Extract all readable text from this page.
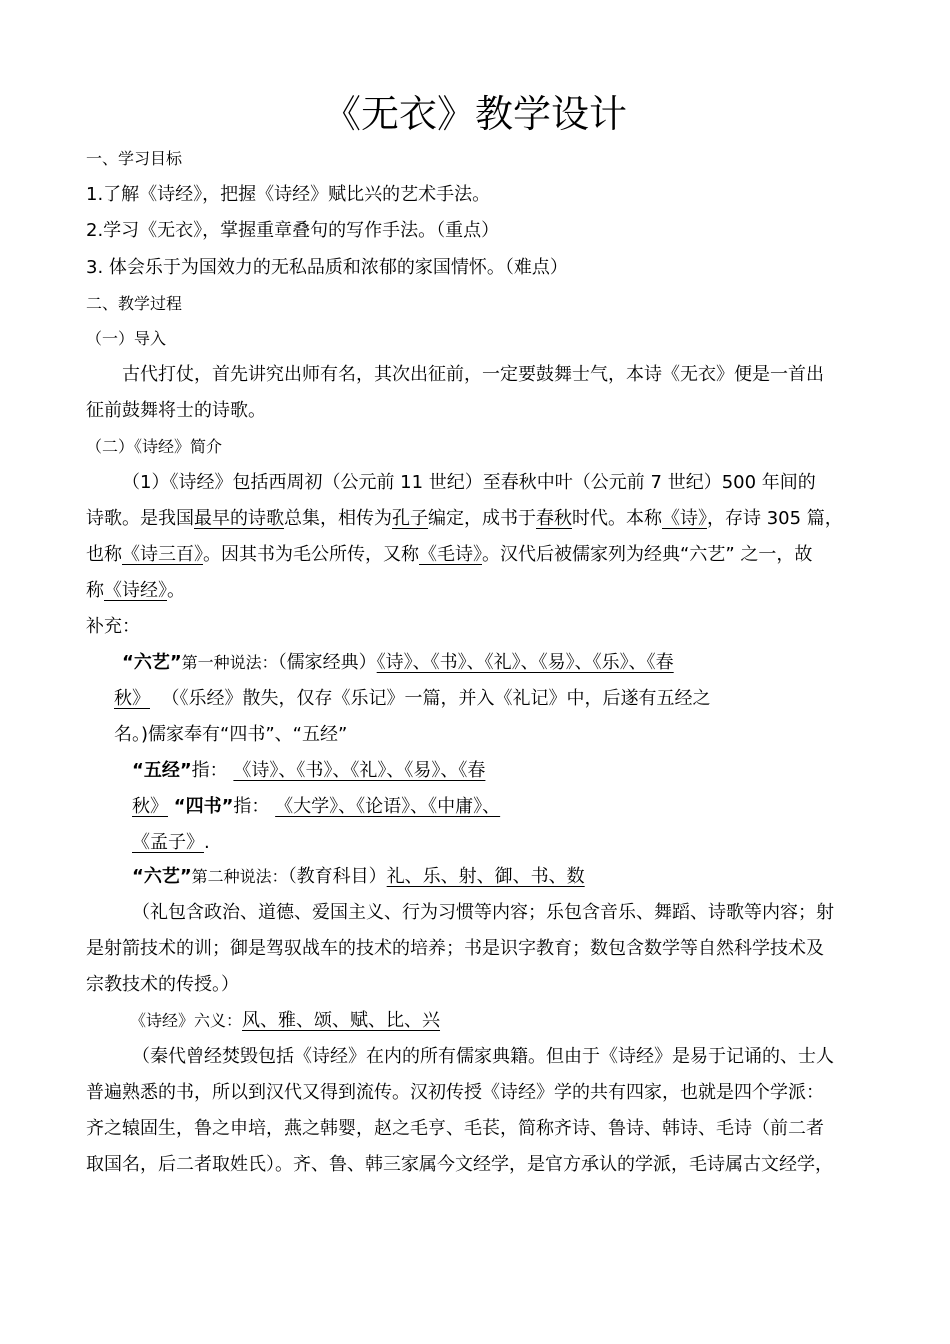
《无衣》教学设计
一、学习目标
1.了解《诗经》，把握《诗经》赋比兴的艺术手法。
2.学习《无衣》，掌握重章叠句的写作手法。（重点）
3. 体会乐于为国效力的无私品质和浓郁的家国情怀。（难点）
二、教学过程
（一）导入
古代打仗，首先讲究出师有名，其次出征前，一定要鼓舞士气，本诗《无衣》便是一首出
征前鼓舞将士的诗歌。
（二）《诗经》简介
（1）《诗经》包括西周初（公元前 11 世纪）至春秋中叶（公元前 7 世纪）500 年间的
诗歌。是我国最早的诗歌总集，相传为孔子编定，成书于春秋时代。本称《诗》，存诗 305 篇，
也称《诗三百》。因其书为毛公所传，又称《毛诗》。汉代后被儒家列为经典“六艺” 之一，故
称《诗经》。
补充：
“六艺”第一种说法：（儒家经典）《诗》、《书》、《礼》、《易》、《乐》、《春
秋》 （《乐经》散失，仅存《乐记》一篇，并入《礼记》中，后遂有五经之
名。)儒家奉有“四书”、“五经”
“五经”指： 《诗》、《书》、《礼》、《易》、《春
秋》 “四书”指： 《大学》、《论语》、《中庸》、
《孟子》.
“六艺”第二种说法：（教育科目）礼、乐、射、御、书、数
（礼包含政治、道德、爱国主义、行为习惯等内容；乐包含音乐、舞蹈、诗歌等内容；射
是射箭技术的训；御是驾驭战车的技术的培养；书是识字教育；数包含数学等自然科学技术及
宗教技术的传授。）
《诗经》六义：风、雅、颂、赋、比、兴
（秦代曾经焚毁包括《诗经》在内的所有儒家典籍。但由于《诗经》是易于记诵的、士人
普遍熟悉的书，所以到汉代又得到流传。汉初传授《诗经》学的共有四家，也就是四个学派：
齐之辕固生，鲁之申培，燕之韩婴，赵之毛亨、毛苌，简称齐诗、鲁诗、韩诗、毛诗（前二者
取国名，后二者取姓氏）。齐、鲁、韩三家属今文经学，是官方承认的学派，毛诗属古文经学，
